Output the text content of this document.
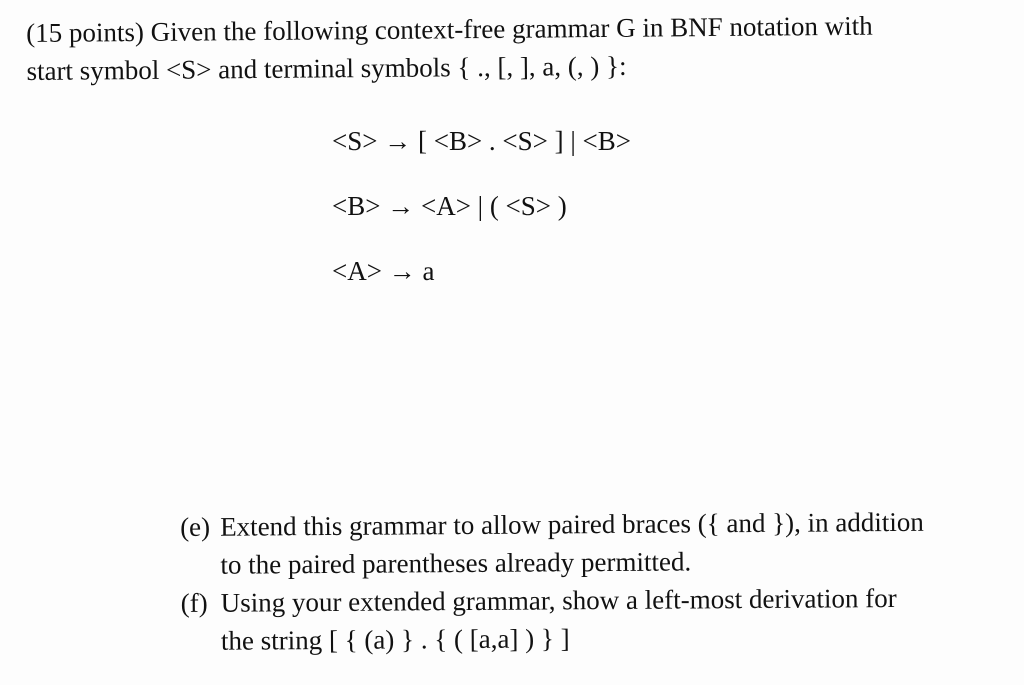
(15 points) Given the following context-free grammar G in BNF notation with
start symbol <S> and terminal symbols { ., [, ], a, (, ) }:
<S> → [ <B> . <S> ] | <B>
<B> → <A> | ( <S> )
<A> → a
(e) Extend this grammar to allow paired braces ({ and }), in addition
to the paired parentheses already permitted.
(f) Using your extended grammar, show a left-most derivation for
the string [ { (a) } . { ( [a,a] ) } ]
